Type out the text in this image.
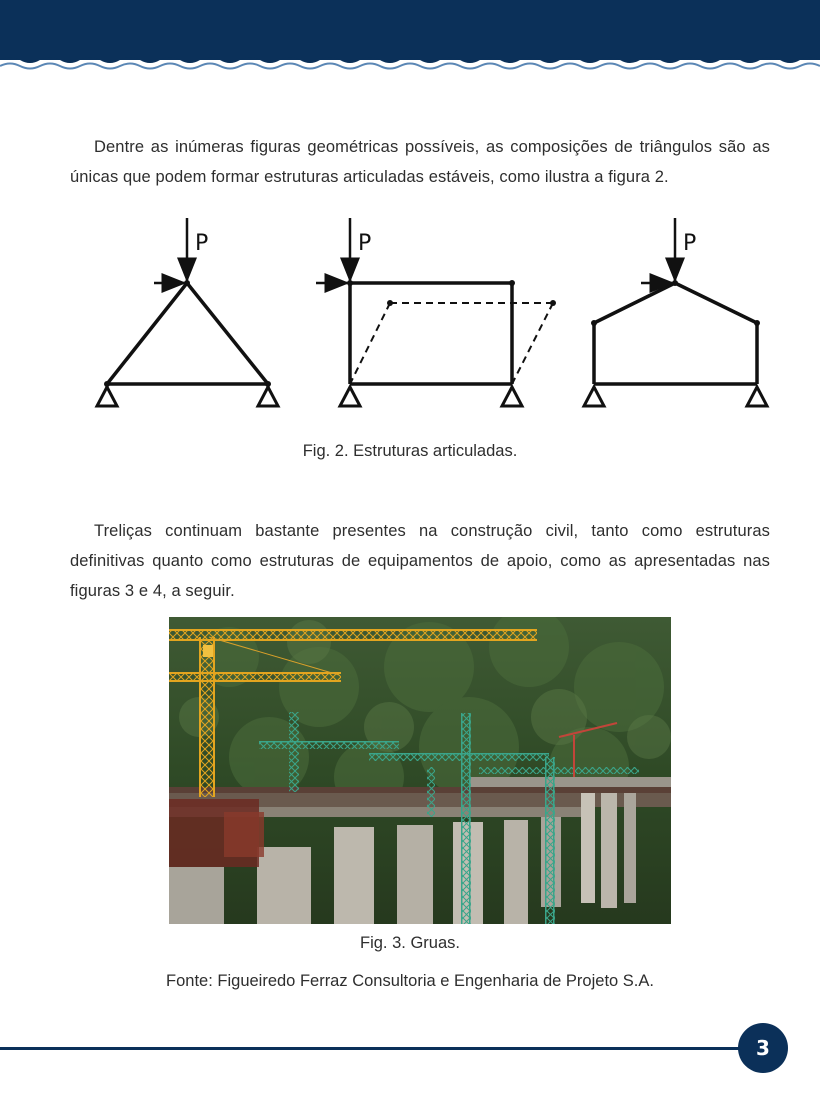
Dentre as inúmeras figuras geométricas possíveis, as composições de triângulos são as únicas que podem formar estruturas articuladas estáveis, como ilustra a figura 2.

P	P	P

Fig. 2. Estruturas articuladas.

Treliças continuam bastante presentes na construção civil, tanto como estruturas definitivas quanto como estruturas de equipamentos de apoio, como as apresentadas nas figuras 3 e 4, a seguir.

Fig. 3. Gruas.

Fonte: Figueiredo Ferraz Consultoria e Engenharia de Projeto S.A.

3
